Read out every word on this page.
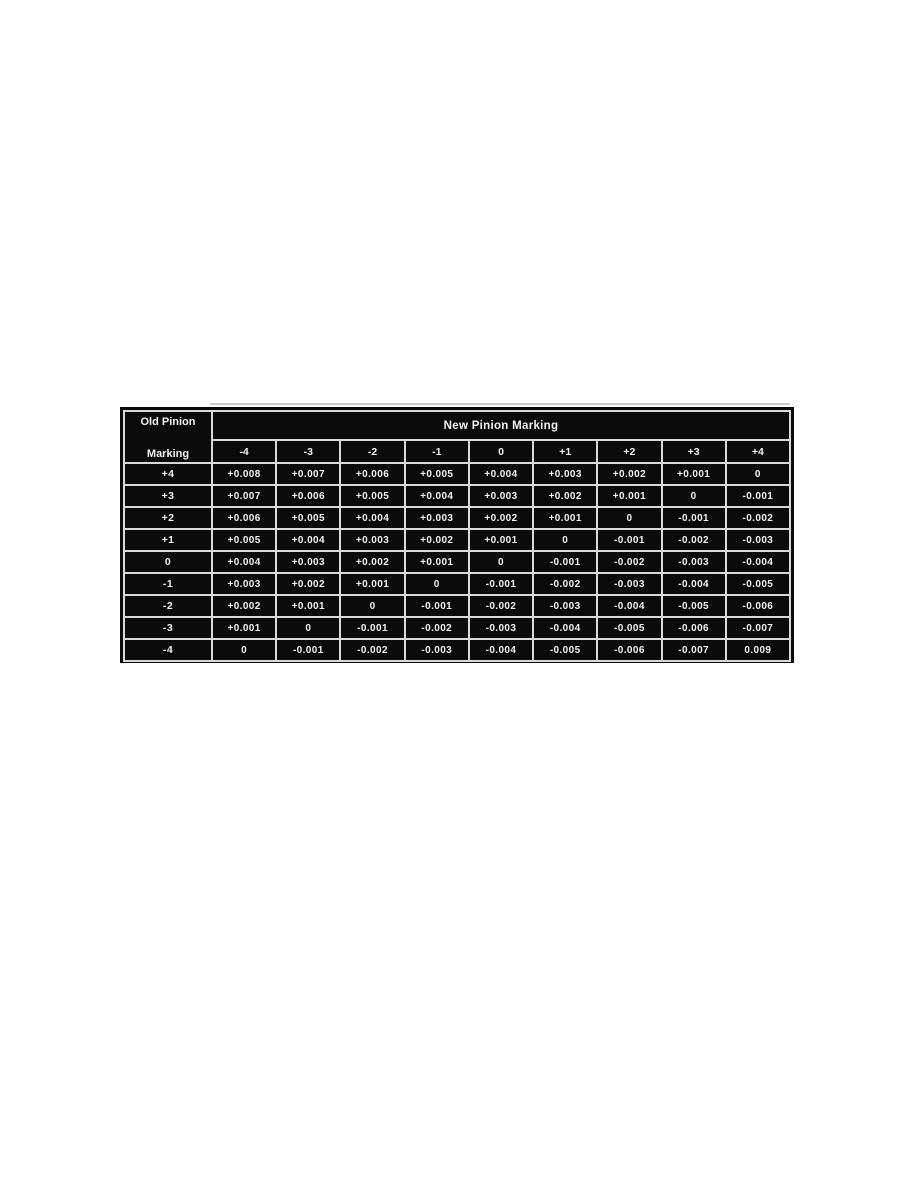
Old Pinion
Marking	New Pinion Marking								
	-4	-3	-2	-1	0	+1	+2	+3	+4
+4	+0.008	+0.007	+0.006	+0.005	+0.004	+0.003	+0.002	+0.001	0
+3	+0.007	+0.006	+0.005	+0.004	+0.003	+0.002	+0.001	0	-0.001
+2	+0.006	+0.005	+0.004	+0.003	+0.002	+0.001	0	-0.001	-0.002
+1	+0.005	+0.004	+0.003	+0.002	+0.001	0	-0.001	-0.002	-0.003
0	+0.004	+0.003	+0.002	+0.001	0	-0.001	-0.002	-0.003	-0.004
-1	+0.003	+0.002	+0.001	0	-0.001	-0.002	-0.003	-0.004	-0.005
-2	+0.002	+0.001	0	-0.001	-0.002	-0.003	-0.004	-0.005	-0.006
-3	+0.001	0	-0.001	-0.002	-0.003	-0.004	-0.005	-0.006	-0.007
-4	0	-0.001	-0.002	-0.003	-0.004	-0.005	-0.006	-0.007	0.009
